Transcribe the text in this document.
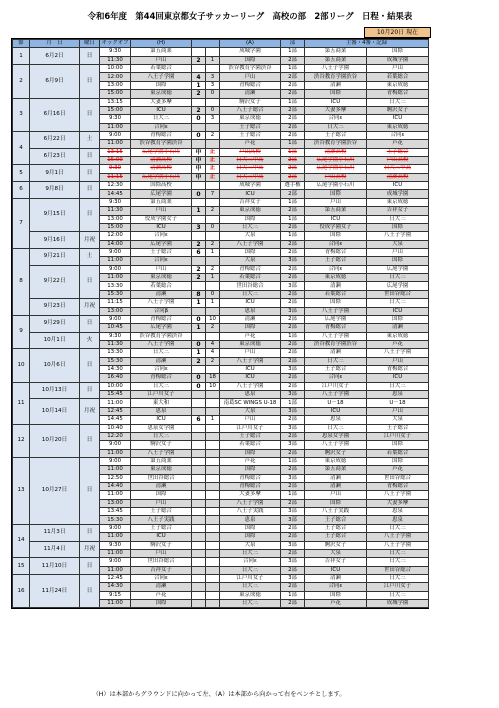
令和6年度　第44回東京都女子サッカーリーグ　高校の部　2部リーグ　日程・結果表
10月20日 現在
節	月　日	曜日	キックオフ	(H)			(A)	部	主審・4審・記録	
1	6月2日	日	9:30	第五商業			成城学園	1部	第五商業	国際
			11:30	戸山	2	1	国際	2部	第五商業	成城学園
2	6月9日	日	10:00	若葉総合			渋谷教育学園渋谷	1部	八王子学園	戸山
			12:00	八王子学園	4	3	戸山	2部	渋谷教育学園渋谷	若葉総合
			13:00	国際	1	3	青梅総合	2部	清瀬	東京成徳
			15:00	東京成徳	2	0	清瀬	2部	国際	青梅総合
3	6月16日	日	13:15	大妻多摩			駒沢女子	1部	ICU	日大三
			15:00	ICU	2	0	八王子総合	2部	大妻多摩	駒沢女子
			9:30	日大三	0	3	東京成徳	2部	合同ε	ICU
			11:00	合同ε			王子総合	2部	日大三	東京成徳
4	6月22日	土	9:00	青梅総合	0	2	王子総合	2部	王子総合	合同ε
			11:00	渋谷教育学園渋谷			芦花	1部	渋谷教育学園渋谷	芦花
	6月23日	日	13:15	広尾学園小石川	中	止	戸山高校	1部	清瀬高校	王子総合
			15:00	清瀬高校	中	止	日大三中高	2部	広尾学園小石川	戸山高校
5	9月1日	日	9:30	清瀬高校	中	止	日大三中高	2部	広尾学園小石川	日大三中高
			11:15	広尾学園小石川	中	止	日大三中高	2部	戸山高校	清瀬高校
6	9月8日	日	12:30	国際高校			成城学園	選手権	広尾学園小石川	ICU
			14:45	広尾学園	0	7	ICU	2部	国際	成城学園
7	9月15日	日	9:30	第五商業			吉祥女子	1部	戸山	東京成徳
			11:30	戸山	1	2	東京成徳	2部	第五商業	吉祥女子
			13:00	佼成学園女子			国際	1部	ICU	日大三
			15:00	ICU	3	0	日大三	2部	佼成学園女子	国際
	9月16日	月祝	12:00	合同ε			大泉	1部	国際	八王子学園
			14:00	広尾学園	2	2	八王子学園	2部	合同ε	大泉
8	9月21日	土	9:00	王子総合	6	1	国際	2部	青梅総合	戸山
			11:00	合同ε			大泉	3部	王子総合	国際
	9月22日	日	9:00	戸山	2	2	青梅総合	2部	合同ε	広尾学園
			11:00	東京成徳	2	1	若葉総合	2部	東京成徳	日大三
			13:30	若葉総合			世田谷総合	3部	清瀬	広尾学園
			15:30	清瀬	8	0	日大三	2部	若葉総合	世田谷総合
	9月23日	月祝	11:15	八王子学園	1	1	ICU	2部	国際	日大三
			13:00	合同β			恵泉	3部	八王子学園	ICU
9	9月29日	日	9:00	青梅総合	0	10	清瀬	2部	広尾学園	国際
			10:45	広尾学園	1	2	国際	2部	青梅総合	清瀬
	10月1日	火	9:30	渋谷教育学園渋谷			芦花	1部	八王子学園	東京成徳
			11:30	八王子学園	0	4	東京成徳	2部	渋谷教育学園渋谷	芦花
10	10月6日	日	13:30	日大三	1	4	戸山	2部	清瀬	八王子学園
			15:30	清瀬	2	2	八王子学園	2部	日大三	戸山
			14:30	合同ε			ICU	3部	王子総合	青梅総合
			16:40	青梅総合	0	18	ICU	2部	合同ε	ICU
11	10月13日	日	10:00	日大三	0	10	八王子学園	2部	江戸川女子	日大三
			15:45	江戸川女子			恵泉	3部	八王子学園	恵泉
	10月14日	月祝	11:00	東大和			南葛SC WINGS U-18	1部	U－18	U－18
			12:45	恵泉			大泉	3部	ICU	戸山
			14:45	ICU	6	1	戸山	2部	恵泉	大泉
12	10月20日	日	10:40	恵泉女学園			江戸川女子	3部	日大三	王子総合
			12:20	日大三			王子総合	2部	恵泉女学園	江戸川女子
			9:00	駒沢女子			若葉総合	3部	八王子学園	国際
			11:00	八王子学園			国際	2部	駒沢女子	若葉総合
13	10月27日	日	9:00	第五商業			芦花	1部	東京成徳	国際
			11:00	東京成徳			国際	2部	第五商業	芦花
			12:50	世田谷総合			青梅総合	3部	清瀬	世田谷総合
			14:40	清瀬			青梅総合	2部	清瀬	青梅総合
			11:00	国際			大妻多摩	1部	戸山	八王子学園
			13:00	戸山			八王子学園	2部	国際	大妻多摩
			13:45	王子総合			八王子実践	3部	八王子実践	恵泉
			15:30	八王子実践			恵泉	3部	王子総合	恵泉
14	11月3日	日	9:00	王子総合			国際	2部	王子総合	日大三
			11:00	ICU			国際	2部	王子総合	八王子学園
	11月4日	月祝	9:30	駒沢女子			大泉	3部	駒沢女子	八王子学園
			11:00	戸山			日大三	2部	大泉	日大三
15	11月10日	日	9:00	世田谷総合			合同ε	3部	吉祥女子	日大三
			11:00	吉祥女子			日大三	2部	ICU	世田谷総合
16	11月24日	日	12:45	合同ε			江戸川女子	3部	清瀬	日大三
			14:30	清瀬			日大三	2部	合同ε	江戸川女子
			9:15	芦花			東京成徳	1部	国際	日大三
			11:00	国際			日大三	2部	芦花	成城学園
（H）は本部からグラウンドに向かって左、（A）は本部から向かって右をベンチとします。
